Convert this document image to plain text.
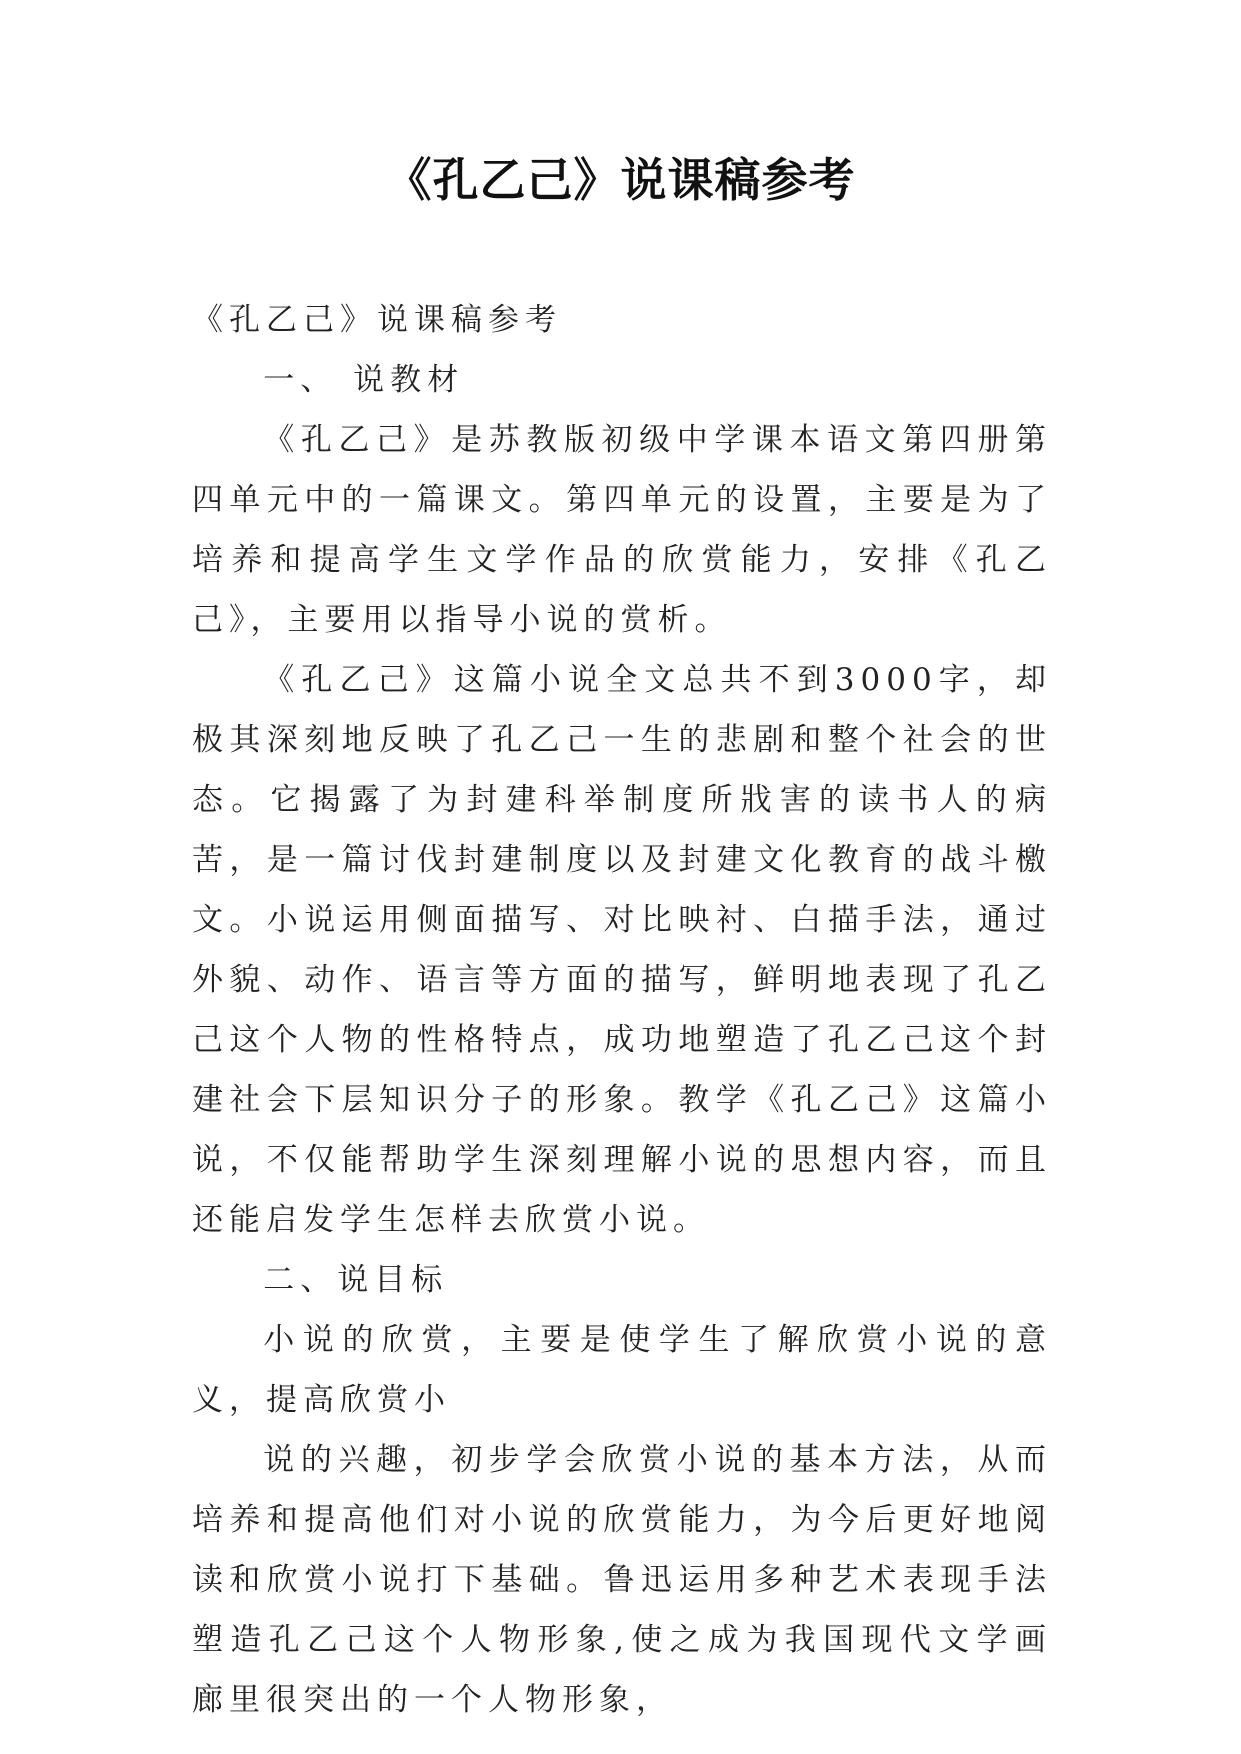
《孔乙己》说课稿参考

《孔乙己》说课稿参考

一、 说教材

《孔乙己》是苏教版初级中学课本语文第四册第四单元中的一篇课文。第四单元的设置，主要是为了培养和提高学生文学作品的欣赏能力，安排《孔乙己》，主要用以指导小说的赏析。

《孔乙己》这篇小说全文总共不到3000字，却极其深刻地反映了孔乙己一生的悲剧和整个社会的世态。它揭露了为封建科举制度所戕害的读书人的病苦，是一篇讨伐封建制度以及封建文化教育的战斗檄文。小说运用侧面描写、对比映衬、白描手法，通过外貌、动作、语言等方面的描写，鲜明地表现了孔乙己这个人物的性格特点，成功地塑造了孔乙己这个封建社会下层知识分子的形象。教学《孔乙己》这篇小说，不仅能帮助学生深刻理解小说的思想内容，而且还能启发学生怎样去欣赏小说。

二、说目标

小说的欣赏，主要是使学生了解欣赏小说的意义，提高欣赏小

说的兴趣，初步学会欣赏小说的基本方法，从而培养和提高他们对小说的欣赏能力，为今后更好地阅读和欣赏小说打下基础。鲁迅运用多种艺术表现手法塑造孔乙己这个人物形象,使之成为我国现代文学画廊里很突出的一个人物形象，
